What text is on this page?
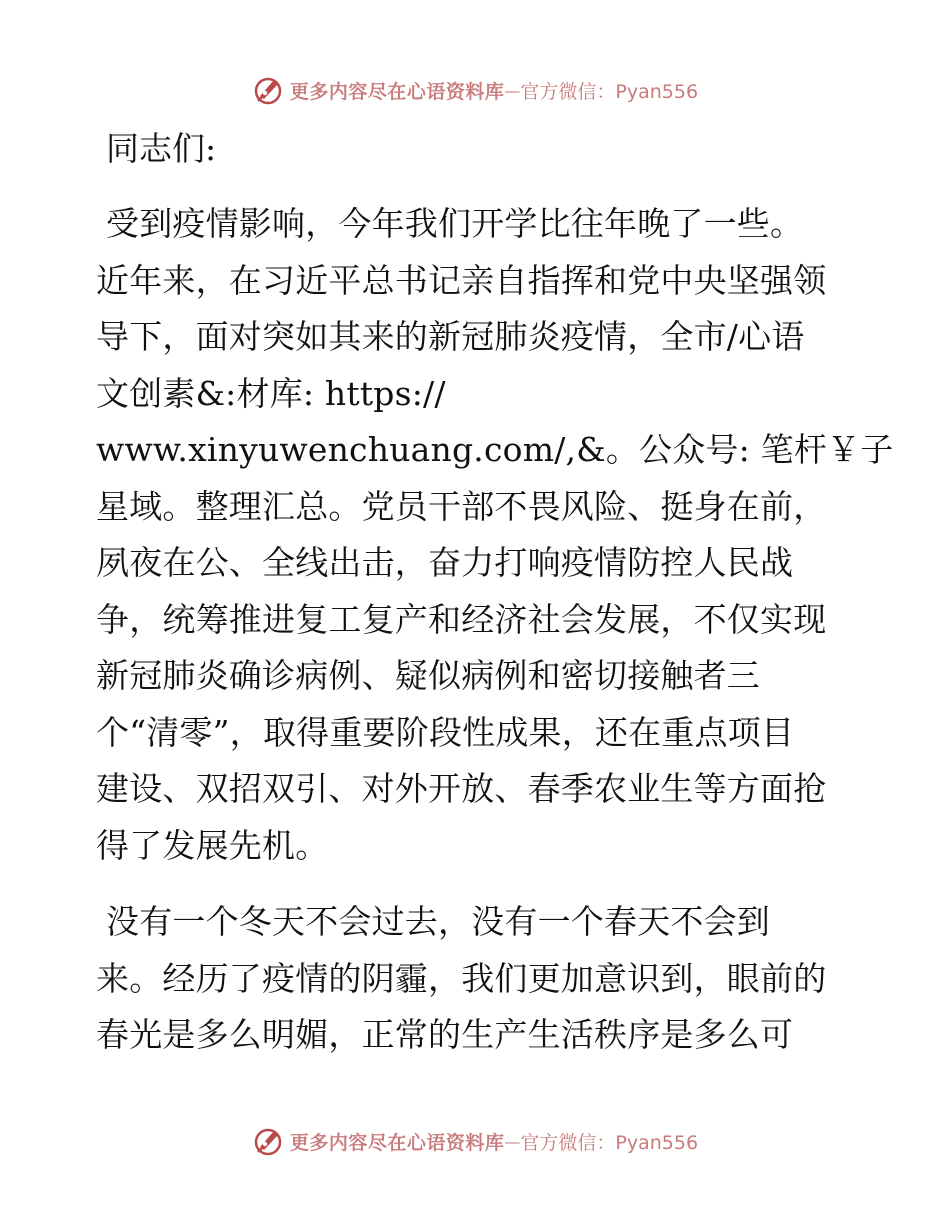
更多内容尽在心语资料库 — 官方微信：Pyan556
同志们:
受到疫情影响，今年我们开学比往年晚了一些。
近年来，在习近平总书记亲自指挥和党中央坚强领
导下，面对突如其来的新冠肺炎疫情，全市/心语
文创素&:材库: https://
www.xinyuwenchuang.com/,&。公众号: 笔杆￥子
星域。整理汇总。党员干部不畏风险、挺身在前，
夙夜在公、全线出击，奋力打响疫情防控人民战
争，统筹推进复工复产和经济社会发展，不仅实现
新冠肺炎确诊病例、疑似病例和密切接触者三
个“清零”，取得重要阶段性成果，还在重点项目
建设、双招双引、对外开放、春季农业生等方面抢
得了发展先机。
没有一个冬天不会过去，没有一个春天不会到
来。经历了疫情的阴霾，我们更加意识到，眼前的
春光是多么明媚，正常的生产生活秩序是多么可
更多内容尽在心语资料库 — 官方微信：Pyan556
